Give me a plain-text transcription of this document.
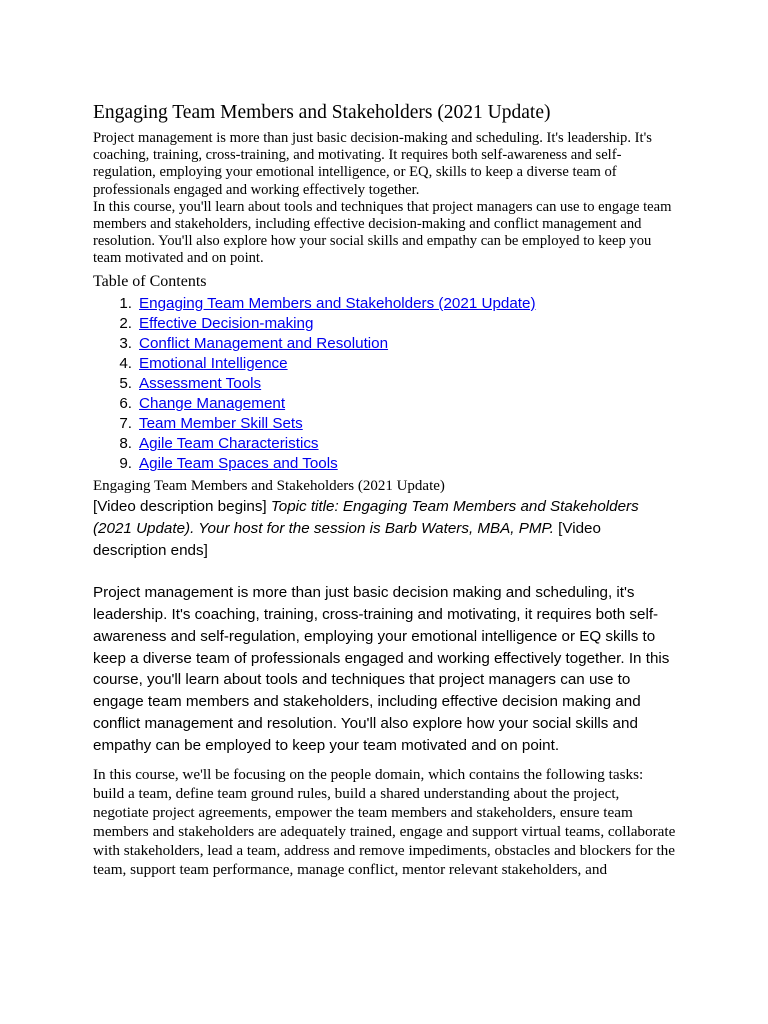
Engaging Team Members and Stakeholders (2021 Update)

Project management is more than just basic decision-making and scheduling. It's leadership. It's coaching, training, cross-training, and motivating. It requires both self-awareness and self-regulation, employing your emotional intelligence, or EQ, skills to keep a diverse team of professionals engaged and working effectively together.

In this course, you'll learn about tools and techniques that project managers can use to engage team members and stakeholders, including effective decision-making and conflict management and resolution. You'll also explore how your social skills and empathy can be employed to keep you team motivated and on point.

Table of Contents
1. Engaging Team Members and Stakeholders (2021 Update)
2. Effective Decision-making
3. Conflict Management and Resolution
4. Emotional Intelligence
5. Assessment Tools
6. Change Management
7. Team Member Skill Sets
8. Agile Team Characteristics
9. Agile Team Spaces and Tools
Engaging Team Members and Stakeholders (2021 Update)

[Video description begins] Topic title: Engaging Team Members and Stakeholders (2021 Update). Your host for the session is Barb Waters, MBA, PMP. [Video description ends]

Project management is more than just basic decision making and scheduling, it's leadership. It's coaching, training, cross-training and motivating, it requires both self-awareness and self-regulation, employing your emotional intelligence or EQ skills to keep a diverse team of professionals engaged and working effectively together. In this course, you'll learn about tools and techniques that project managers can use to engage team members and stakeholders, including effective decision making and conflict management and resolution. You'll also explore how your social skills and empathy can be employed to keep your team motivated and on point.

In this course, we'll be focusing on the people domain, which contains the following tasks: build a team, define team ground rules, build a shared understanding about the project, negotiate project agreements, empower the team members and stakeholders, ensure team members and stakeholders are adequately trained, engage and support virtual teams, collaborate with stakeholders, lead a team, address and remove impediments, obstacles and blockers for the team, support team performance, manage conflict, mentor relevant stakeholders, and
